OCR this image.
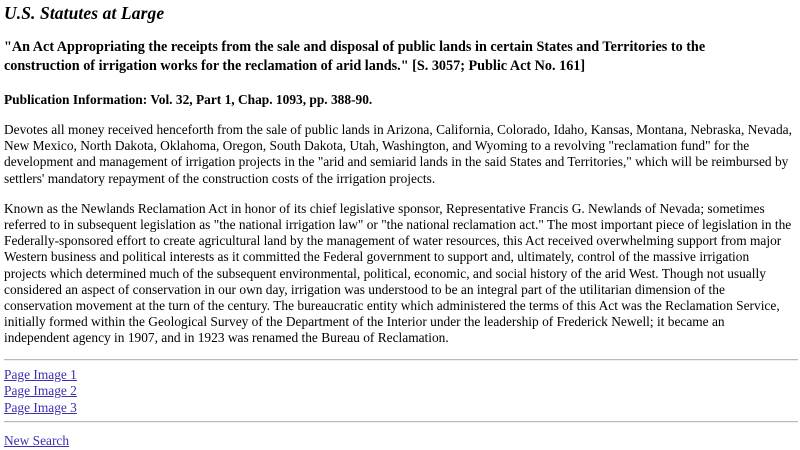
U.S. Statutes at Large
"An Act Appropriating the receipts from the sale and disposal of public lands in certain States and Territories to the construction of irrigation works for the reclamation of arid lands." [S. 3057; Public Act No. 161]
Publication Information: Vol. 32, Part 1, Chap. 1093, pp. 388-90.

Devotes all money received henceforth from the sale of public lands in Arizona, California, Colorado, Idaho, Kansas, Montana, Nebraska, Nevada, New Mexico, North Dakota, Oklahoma, Oregon, South Dakota, Utah, Washington, and Wyoming to a revolving "reclamation fund" for the development and management of irrigation projects in the "arid and semiarid lands in the said States and Territories," which will be reimbursed by settlers' mandatory repayment of the construction costs of the irrigation projects.

Known as the Newlands Reclamation Act in honor of its chief legislative sponsor, Representative Francis G. Newlands of Nevada; sometimes referred to in subsequent legislation as "the national irrigation law" or "the national reclamation act." The most important piece of legislation in the Federally-sponsored effort to create agricultural land by the management of water resources, this Act received overwhelming support from major Western business and political interests as it committed the Federal government to support and, ultimately, control of the massive irrigation projects which determined much of the subsequent environmental, political, economic, and social history of the arid West. Though not usually considered an aspect of conservation in our own day, irrigation was understood to be an integral part of the utilitarian dimension of the conservation movement at the turn of the century. The bureaucratic entity which administered the terms of this Act was the Reclamation Service, initially formed within the Geological Survey of the Department of the Interior under the leadership of Frederick Newell; it became an independent agency in 1907, and in 1923 was renamed the Bureau of Reclamation.

Page Image 1
Page Image 2
Page Image 3
New Search
